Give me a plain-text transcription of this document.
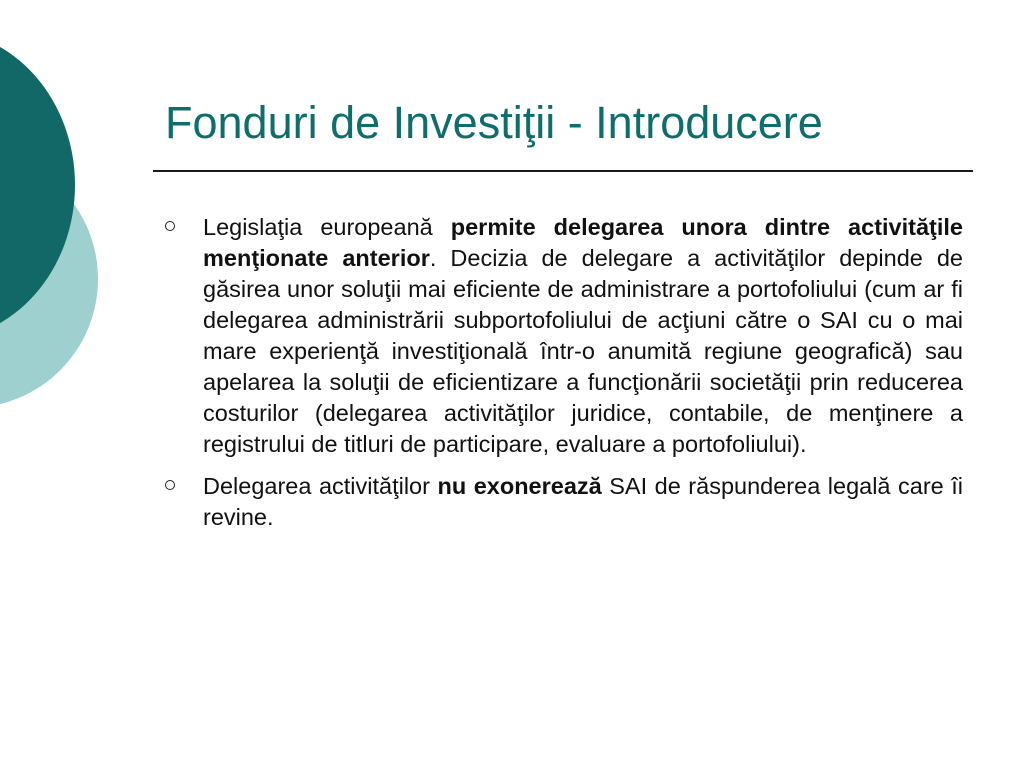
Fonduri de Investiţii - Introducere
Legislaţia europeană permite delegarea unora dintre activităţile menţionate anterior. Decizia de delegare a activităţilor depinde de găsirea unor soluţii mai eficiente de administrare a portofoliului (cum ar fi delegarea administrării subportofoliului de acţiuni către o SAI cu o mai mare experienţă investiţională într-o anumită regiune geografică) sau apelarea la soluţii de eficientizare a funcţionării societăţii prin reducerea costurilor (delegarea activităţilor juridice, contabile, de menţinere a registrului de titluri de participare, evaluare a portofoliului).
Delegarea activităţilor nu exonerează SAI de răspunderea legală care îi revine.
